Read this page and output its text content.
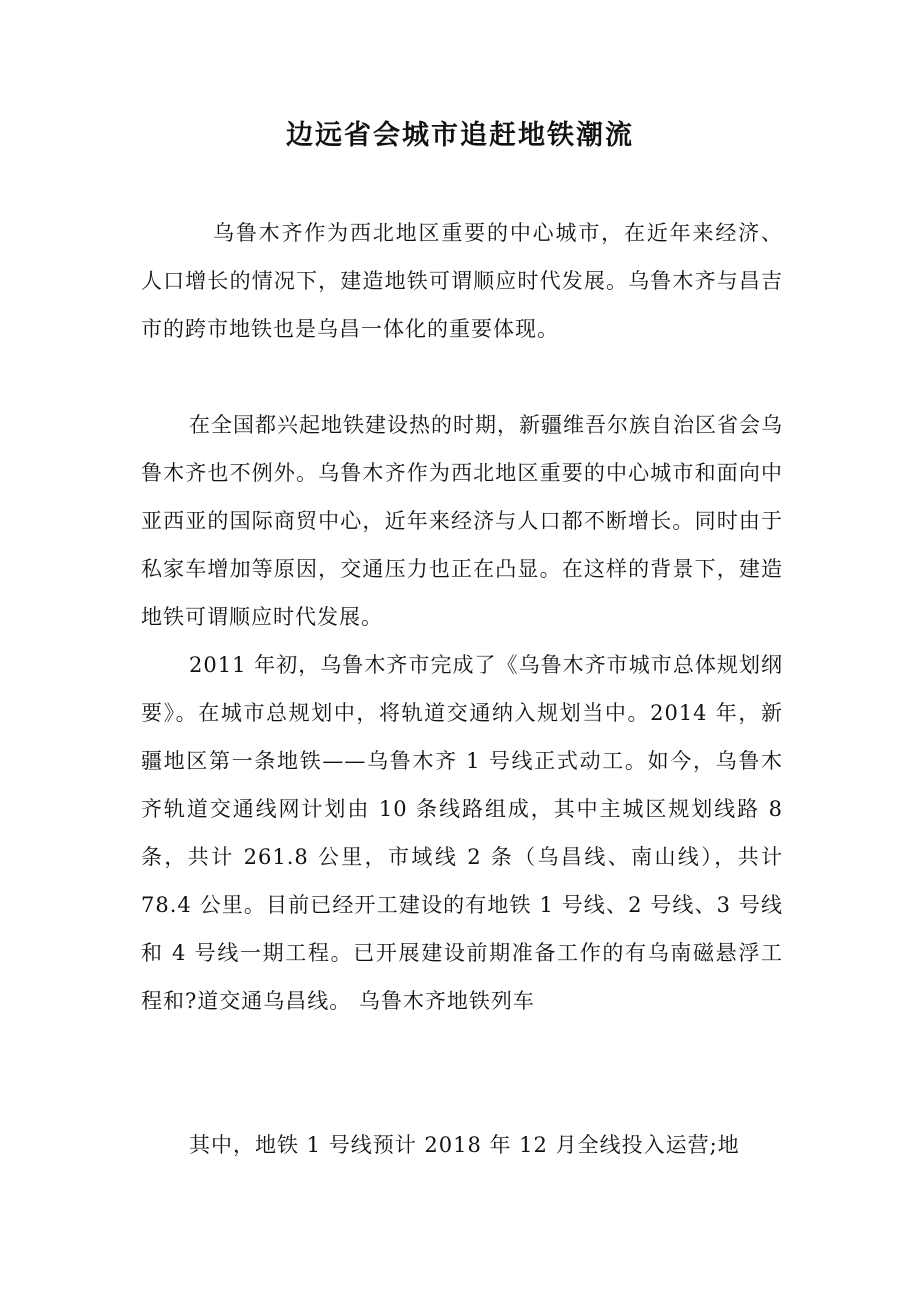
边远省会城市追赶地铁潮流
乌鲁木齐作为西北地区重要的中心城市，在近年来经济、人口增长的情况下，建造地铁可谓顺应时代发展。乌鲁木齐与昌吉市的跨市地铁也是乌昌一体化的重要体现。
在全国都兴起地铁建设热的时期，新疆维吾尔族自治区省会乌鲁木齐也不例外。乌鲁木齐作为西北地区重要的中心城市和面向中亚西亚的国际商贸中心，近年来经济与人口都不断增长。同时由于私家车增加等原因，交通压力也正在凸显。在这样的背景下，建造地铁可谓顺应时代发展。
2011 年初，乌鲁木齐市完成了《乌鲁木齐市城市总体规划纲要》。在城市总规划中，将轨道交通纳入规划当中。2014 年，新疆地区第一条地铁——乌鲁木齐 1 号线正式动工。如今，乌鲁木齐轨道交通线网计划由 10 条线路组成，其中主城区规划线路 8 条，共计 261.8 公里，市域线 2 条（乌昌线、南山线），共计 78.4 公里。目前已经开工建设的有地铁 1 号线、2 号线、3 号线和 4 号线一期工程。已开展建设前期准备工作的有乌南磁悬浮工程和?道交通乌昌线。 乌鲁木齐地铁列车
其中，地铁 1 号线预计 2018 年 12 月全线投入运营;地
